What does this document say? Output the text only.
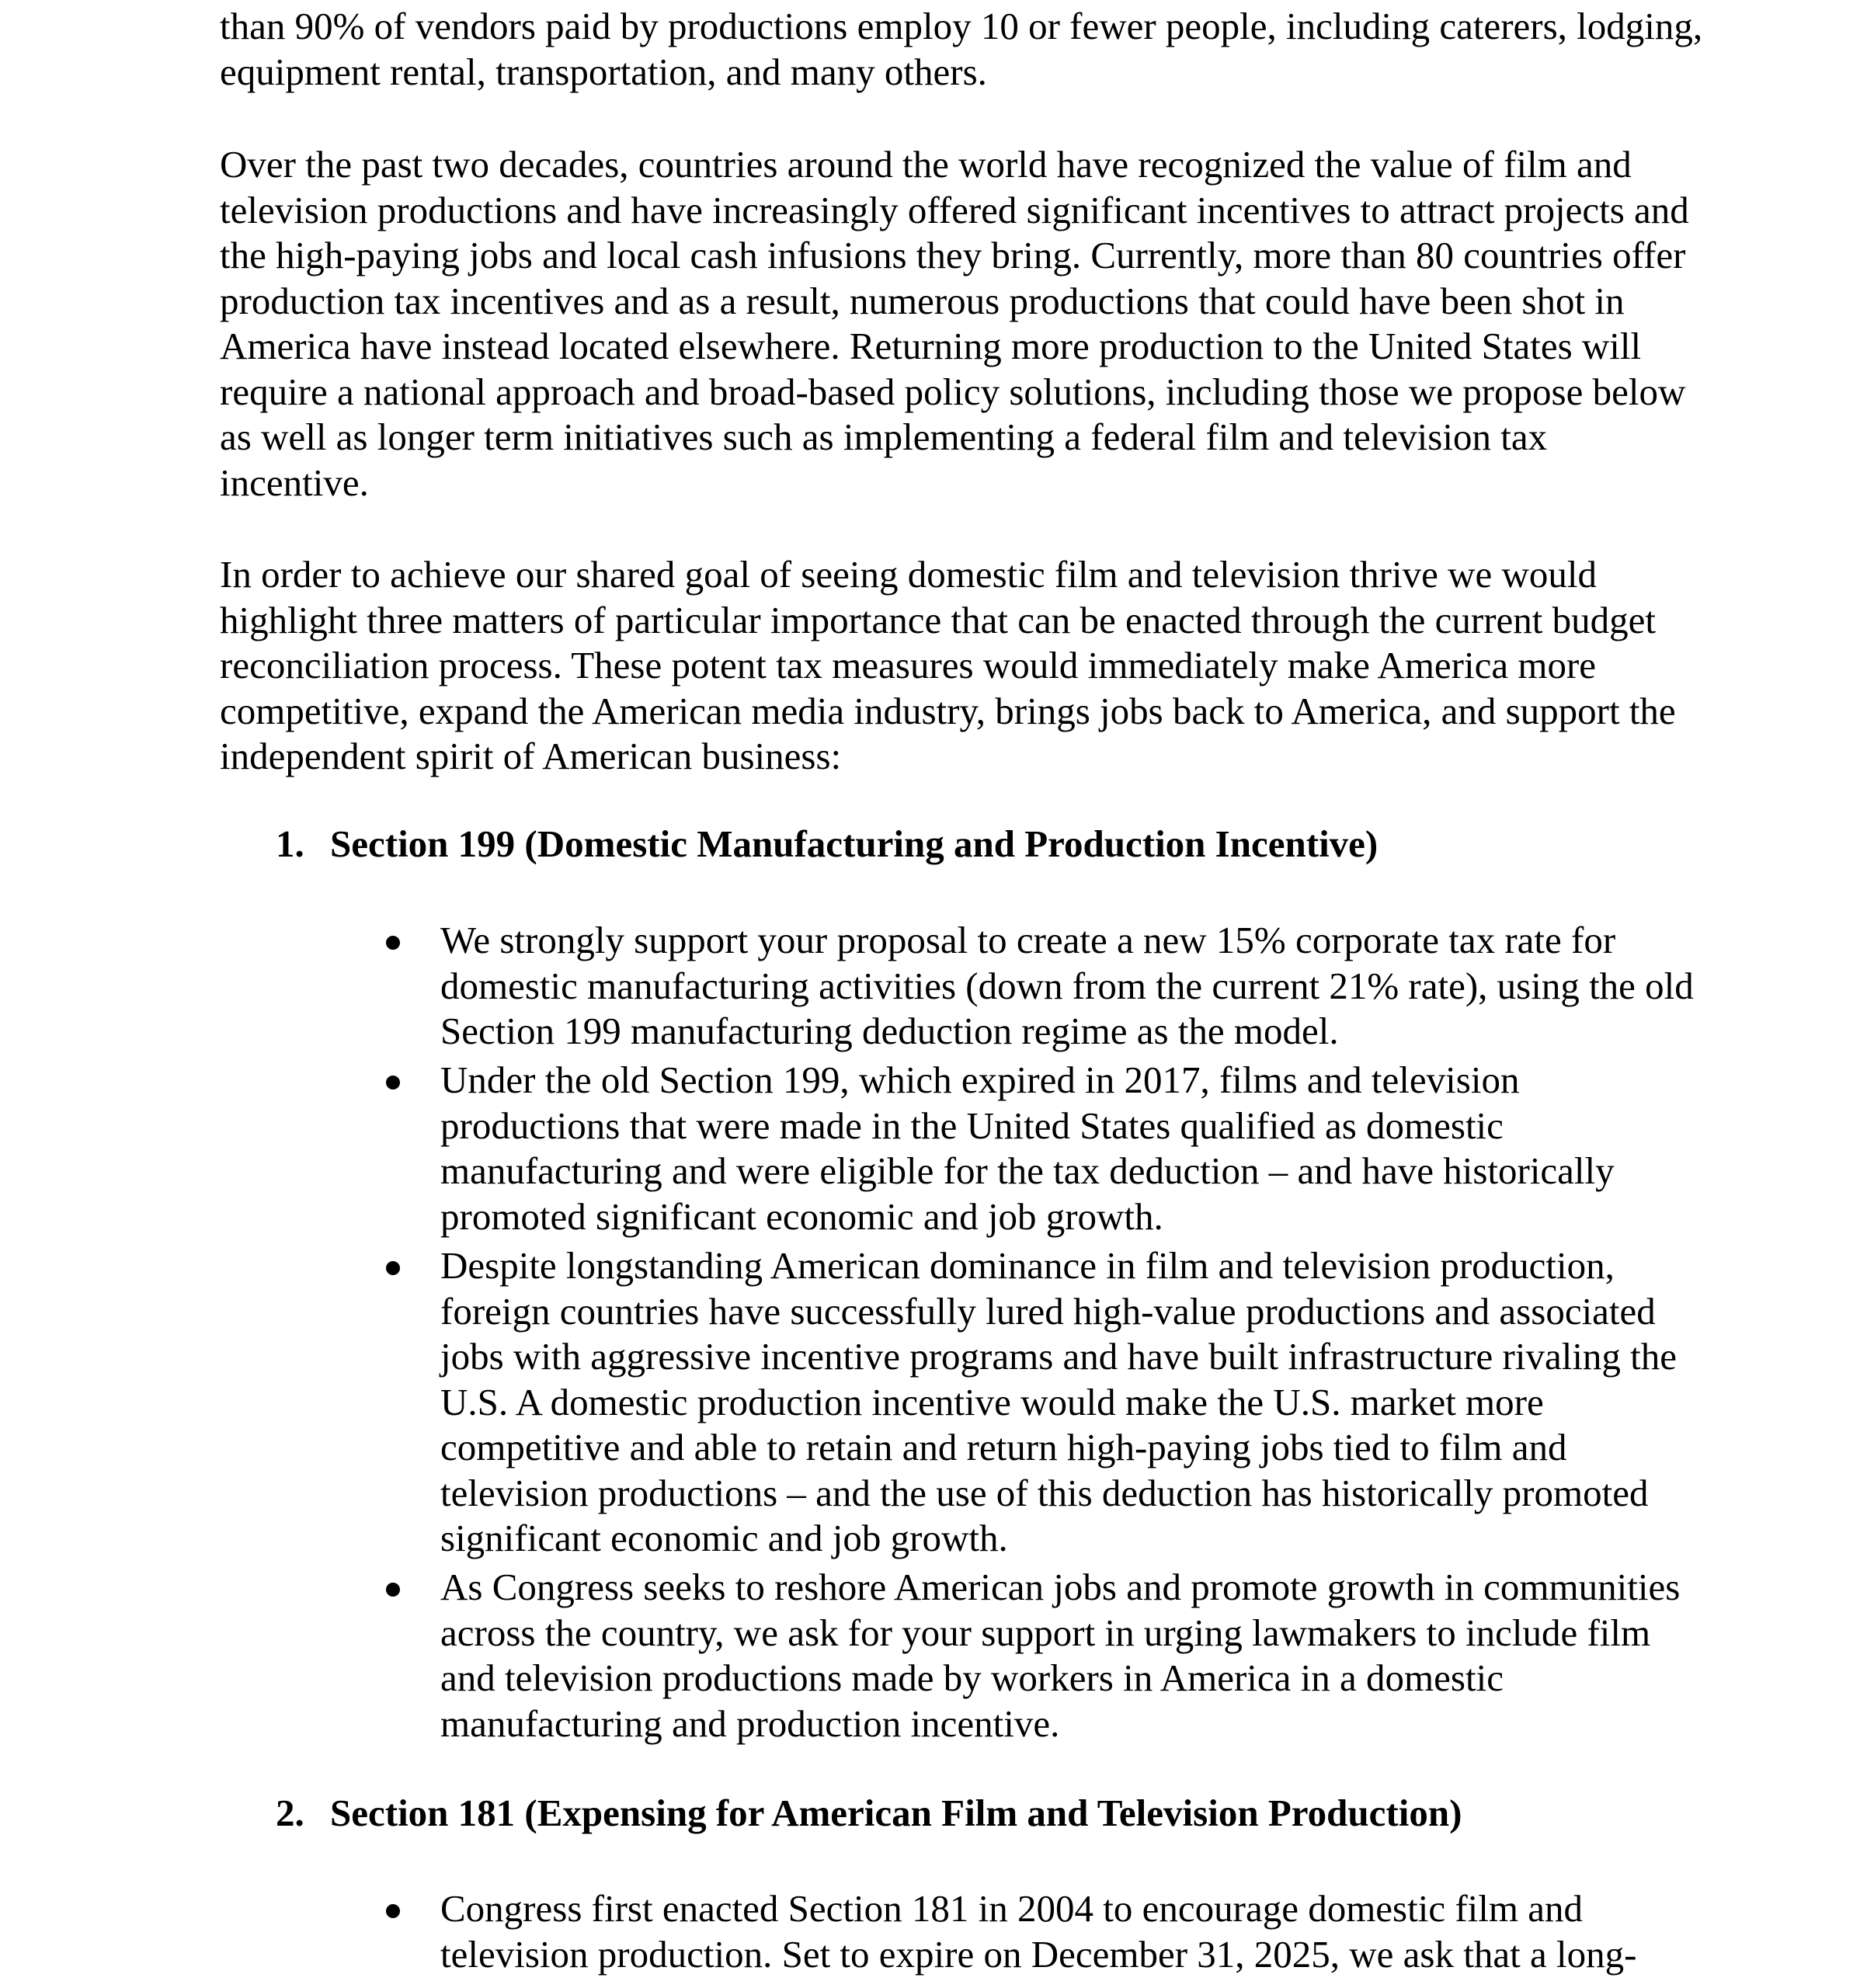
than 90% of vendors paid by productions employ 10 or fewer people, including caterers, lodging,
equipment rental, transportation, and many others.
Over the past two decades, countries around the world have recognized the value of film and
television productions and have increasingly offered significant incentives to attract projects and
the high-paying jobs and local cash infusions they bring. Currently, more than 80 countries offer
production tax incentives and as a result, numerous productions that could have been shot in
America have instead located elsewhere. Returning more production to the United States will
require a national approach and broad-based policy solutions, including those we propose below
as well as longer term initiatives such as implementing a federal film and television tax
incentive.
In order to achieve our shared goal of seeing domestic film and television thrive we would
highlight three matters of particular importance that can be enacted through the current budget
reconciliation process. These potent tax measures would immediately make America more
competitive, expand the American media industry, brings jobs back to America, and support the
independent spirit of American business:
1. Section 199 (Domestic Manufacturing and Production Incentive)
We strongly support your proposal to create a new 15% corporate tax rate for
domestic manufacturing activities (down from the current 21% rate), using the old
Section 199 manufacturing deduction regime as the model.
Under the old Section 199, which expired in 2017, films and television
productions that were made in the United States qualified as domestic
manufacturing and were eligible for the tax deduction – and have historically
promoted significant economic and job growth.
Despite longstanding American dominance in film and television production,
foreign countries have successfully lured high-value productions and associated
jobs with aggressive incentive programs and have built infrastructure rivaling the
U.S. A domestic production incentive would make the U.S. market more
competitive and able to retain and return high-paying jobs tied to film and
television productions – and the use of this deduction has historically promoted
significant economic and job growth.
As Congress seeks to reshore American jobs and promote growth in communities
across the country, we ask for your support in urging lawmakers to include film
and television productions made by workers in America in a domestic
manufacturing and production incentive.
2. Section 181 (Expensing for American Film and Television Production)
Congress first enacted Section 181 in 2004 to encourage domestic film and
television production. Set to expire on December 31, 2025, we ask that a long-
